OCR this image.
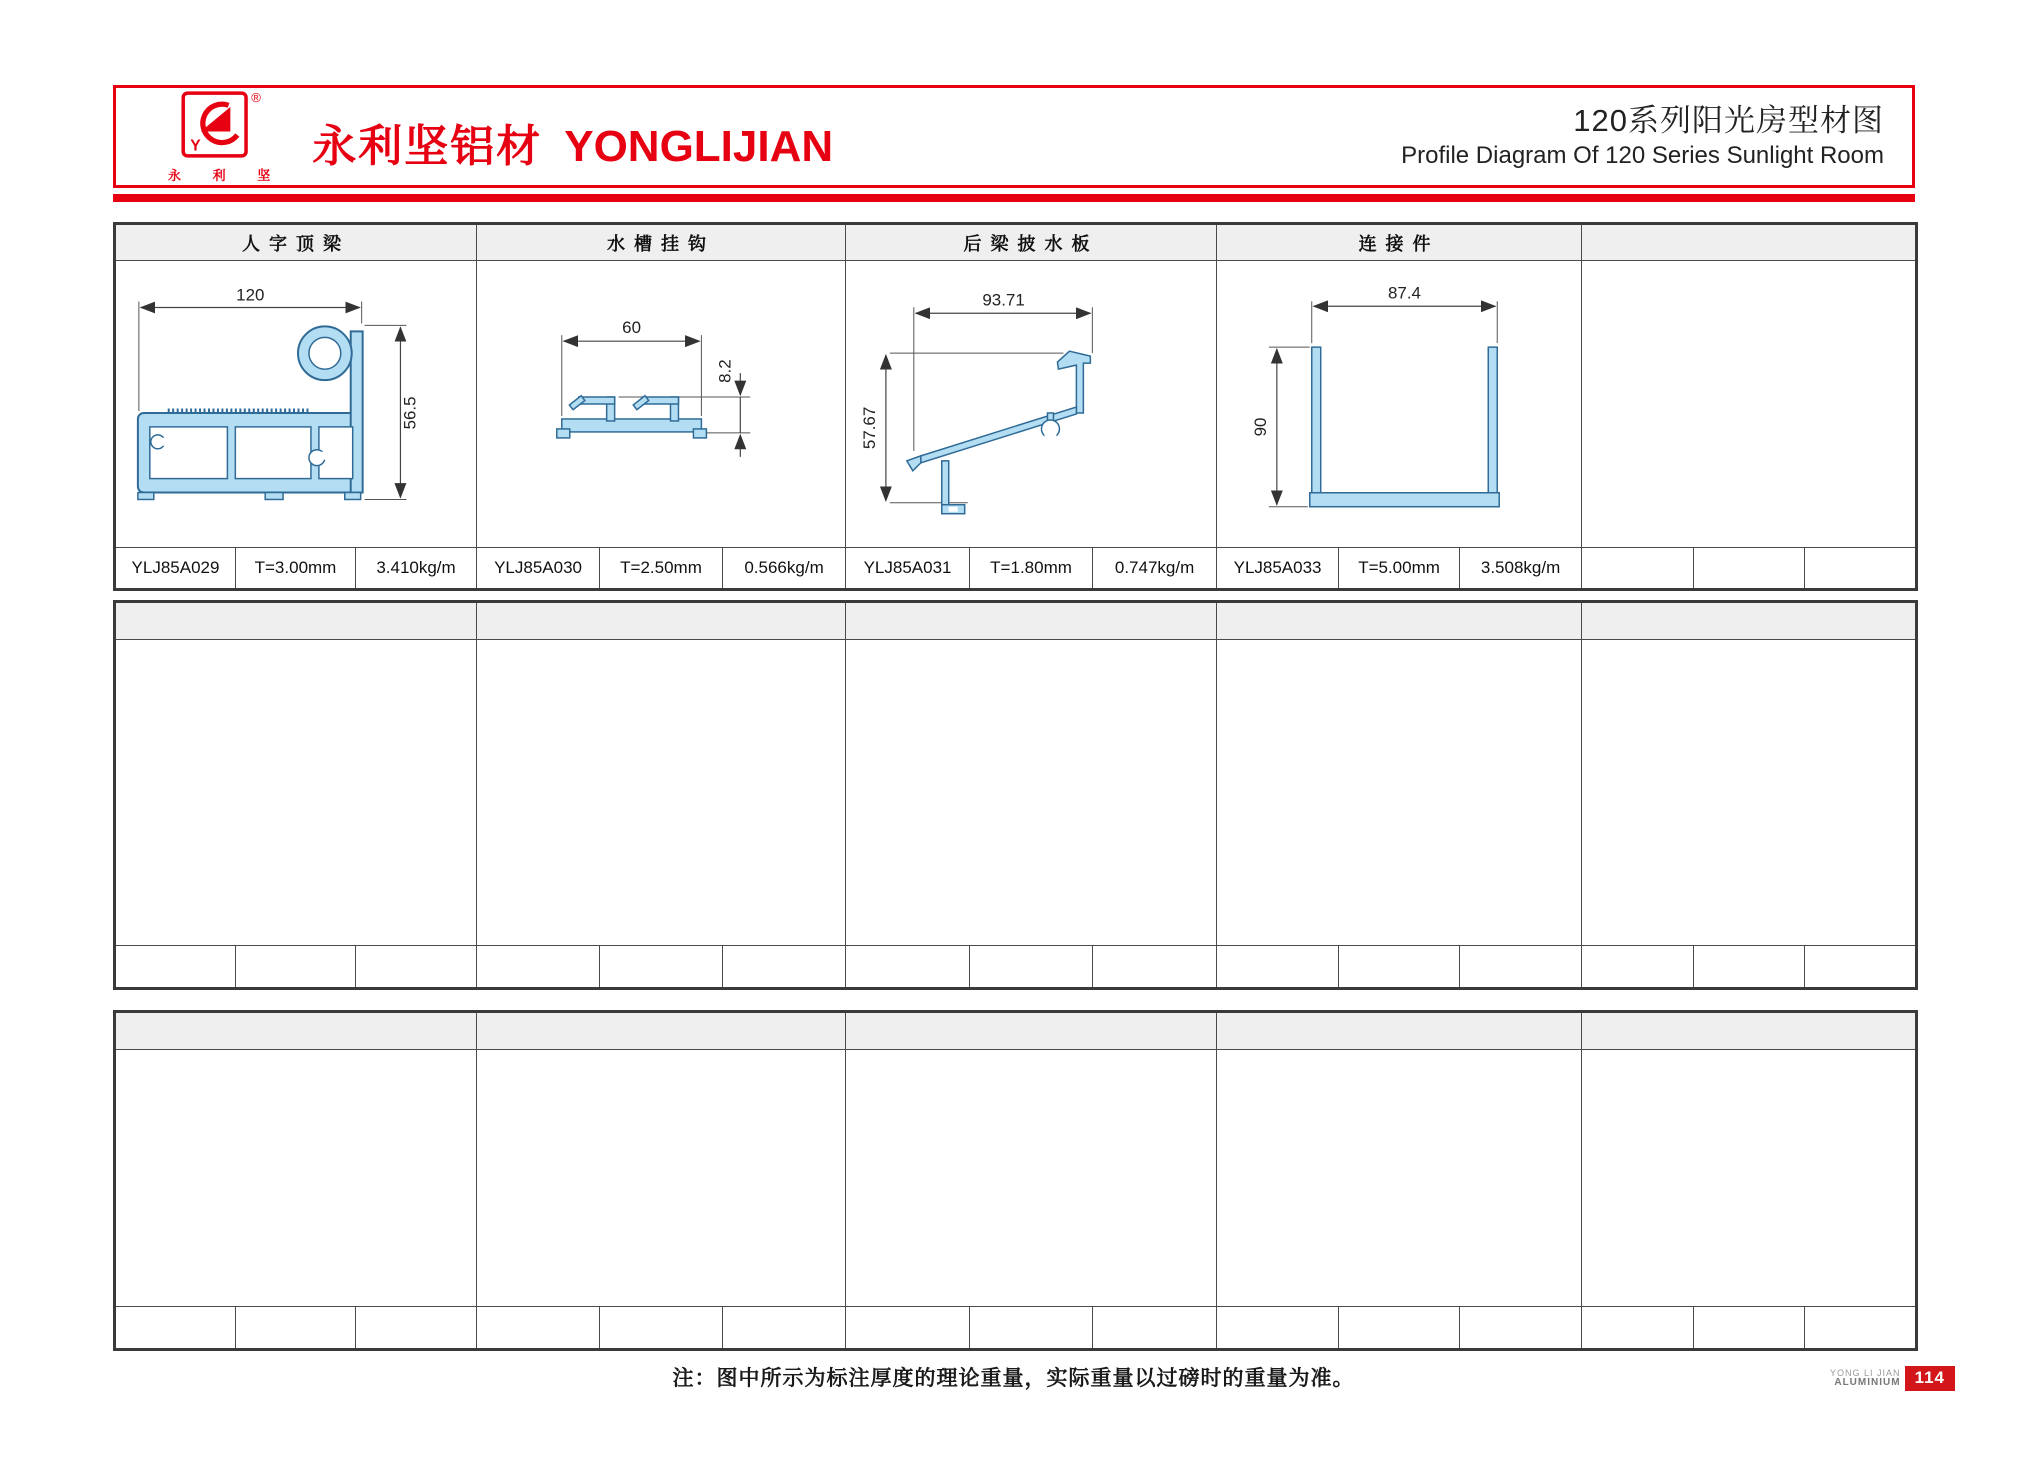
Y
®
永 利 坚
永利坚铝材 YONGLIJIAN
120系列阳光房型材图
Profile Diagram Of 120 Series Sunlight Room
人字顶梁			水槽挂钩			后梁披水板			连接件					

120
56.5			60
8.2			93.71
57.67			87.4
90					

YLJ85A029	T=3.00mm	3.410kg/m	YLJ85A030	T=2.50mm	0.566kg/m	YLJ85A031	T=1.80mm	0.747kg/m	YLJ85A033	T=5.00mm	3.508kg/m			

注：图中所示为标注厚度的理论重量，实际重量以过磅时的重量为准。	YONG LI JIAN
ALUMINIUM 114
